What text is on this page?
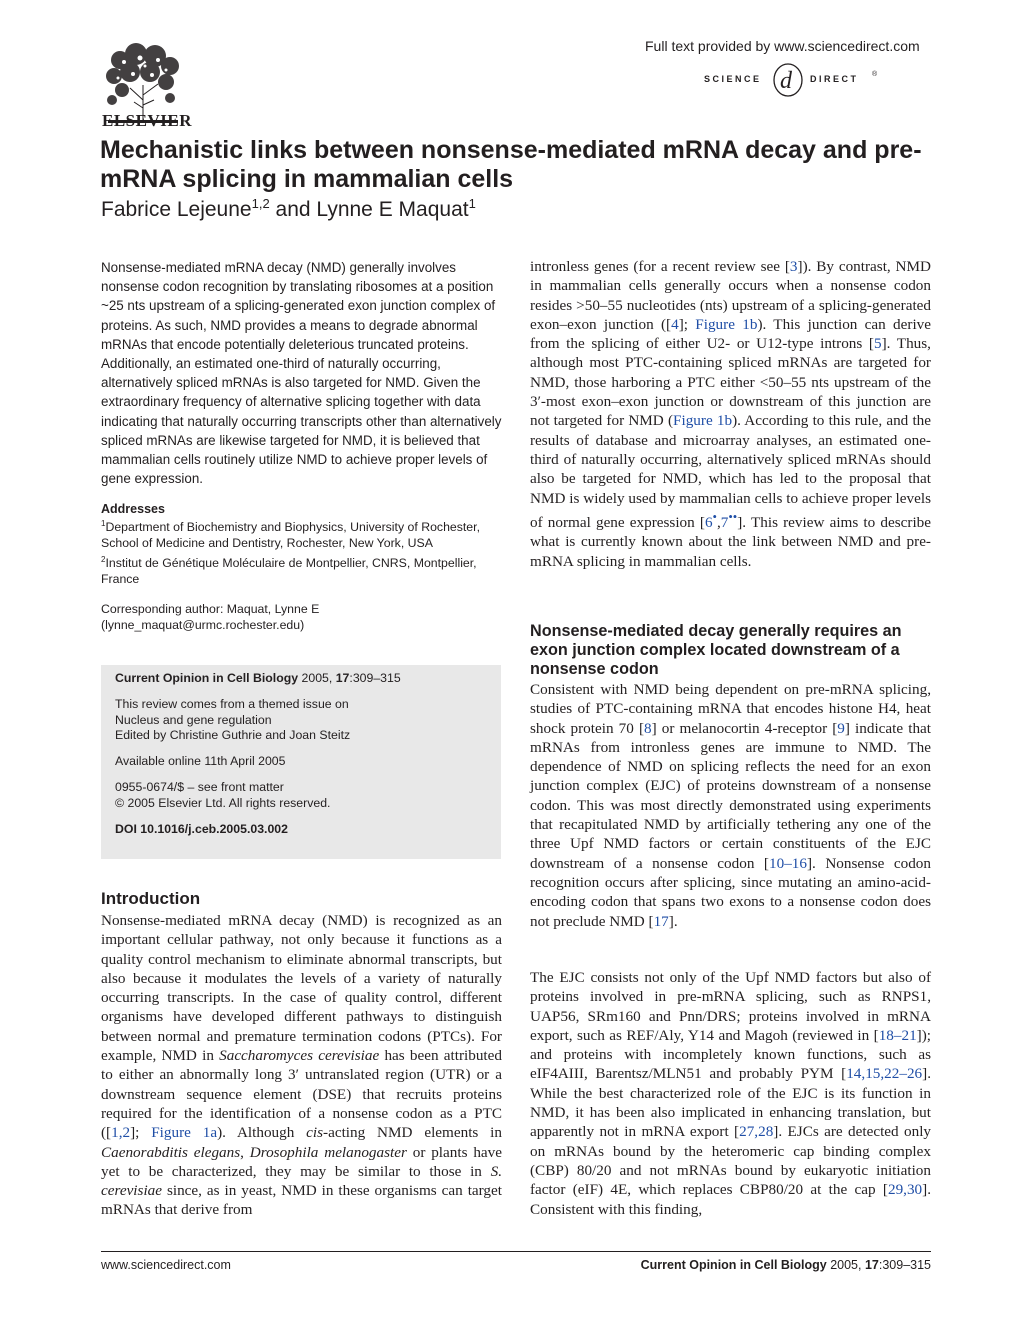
ELSEVIER
Full text provided by www.sciencedirect.com
SCIENCE d DIRECT ®
Mechanistic links between nonsense-mediated mRNA decay and pre-mRNA splicing in mammalian cells
Fabrice Lejeune$^{1,2}$ and Lynne E Maquat$^1$

Nonsense-mediated mRNA decay (NMD) generally involves nonsense codon recognition by translating ribosomes at a position ~25 nts upstream of a splicing-generated exon junction complex of proteins. As such, NMD provides a means to degrade abnormal mRNAs that encode potentially deleterious truncated proteins. Additionally, an estimated one-third of naturally occurring, alternatively spliced mRNAs is also targeted for NMD. Given the extraordinary frequency of alternative splicing together with data indicating that naturally occurring transcripts other than alternatively spliced mRNAs are likewise targeted for NMD, it is believed that mammalian cells routinely utilize NMD to achieve proper levels of gene expression.

Addresses
$^1$Department of Biochemistry and Biophysics, University of Rochester, School of Medicine and Dentistry, Rochester, New York, USA
$^2$Institut de Génétique Moléculaire de Montpellier, CNRS, Montpellier, France
Corresponding author: Maquat, Lynne E
(lynne_maquat@urmc.rochester.edu)

Current Opinion in Cell Biology 2005, 17:309–315

This review comes from a themed issue on
Nucleus and gene regulation
Edited by Christine Guthrie and Joan Steitz

Available online 11th April 2005

0955-0674/$ – see front matter
© 2005 Elsevier Ltd. All rights reserved.

DOI 10.1016/j.ceb.2005.03.002

Introduction
Nonsense-mediated mRNA decay (NMD) is recognized as an important cellular pathway, not only because it functions as a quality control mechanism to eliminate abnormal transcripts, but also because it modulates the levels of a variety of naturally occurring transcripts. In the case of quality control, different organisms have developed different pathways to distinguish between normal and premature termination codons (PTCs). For example, NMD in Saccharomyces cerevisiae has been attributed to either an abnormally long 3′ untranslated region (UTR) or a downstream sequence element (DSE) that recruits proteins required for the identification of a nonsense codon as a PTC ([1,2]; Figure 1a). Although cis-acting NMD elements in Caenorabditis elegans, Drosophila melanogaster or plants have yet to be characterized, they may be similar to those in S. cerevisiae since, as in yeast, NMD in these organisms can target mRNAs that derive from
intronless genes (for a recent review see [3]). By contrast, NMD in mammalian cells generally occurs when a nonsense codon resides >50–55 nucleotides (nts) upstream of a splicing-generated exon–exon junction ([4]; Figure 1b). This junction can derive from the splicing of either U2- or U12-type introns [5]. Thus, although most PTC-containing spliced mRNAs are targeted for NMD, those harboring a PTC either <50–55 nts upstream of the 3′-most exon–exon junction or downstream of this junction are not targeted for NMD (Figure 1b). According to this rule, and the results of database and microarray analyses, an estimated one-third of naturally occurring, alternatively spliced mRNAs should also be targeted for NMD, which has led to the proposal that NMD is widely used by mammalian cells to achieve proper levels of normal gene expression [6•,7••]. This review aims to describe what is currently known about the link between NMD and pre-mRNA splicing in mammalian cells.
Nonsense-mediated decay generally requires an exon junction complex located downstream of a nonsense codon
Consistent with NMD being dependent on pre-mRNA splicing, studies of PTC-containing mRNA that encodes histone H4, heat shock protein 70 [8] or melanocortin 4-receptor [9] indicate that mRNAs from intronless genes are immune to NMD. The dependence of NMD on splicing reflects the need for an exon junction complex (EJC) of proteins downstream of a nonsense codon. This was most directly demonstrated using experiments that recapitulated NMD by artificially tethering any one of the three Upf NMD factors or certain constituents of the EJC downstream of a nonsense codon [10–16]. Nonsense codon recognition occurs after splicing, since mutating an amino-acid-encoding codon that spans two exons to a nonsense codon does not preclude NMD [17].
The EJC consists not only of the Upf NMD factors but also of proteins involved in pre-mRNA splicing, such as RNPS1, UAP56, SRm160 and Pnn/DRS; proteins involved in mRNA export, such as REF/Aly, Y14 and Magoh (reviewed in [18–21]); and proteins with incompletely known functions, such as eIF4AIII, Barentsz/MLN51 and probably PYM [14,15,22–26]. While the best characterized role of the EJC is its function in NMD, it has been also implicated in enhancing translation, but apparently not in mRNA export [27,28]. EJCs are detected only on mRNAs bound by the heteromeric cap binding complex (CBP) 80/20 and not mRNAs bound by eukaryotic initiation factor (eIF) 4E, which replaces CBP80/20 at the cap [29,30]. Consistent with this finding,
www.sciencedirect.com	Current Opinion in Cell Biology 2005, 17:309–315
